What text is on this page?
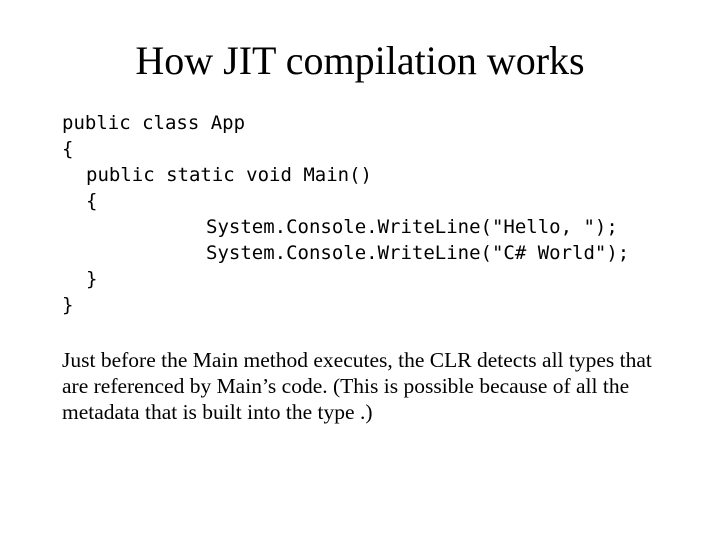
How JIT compilation works
public class App
{
public static void Main()
{
System.Console.WriteLine("Hello, ");
System.Console.WriteLine("C# World");
}
}

Just before the Main method executes, the CLR detects all types that are referenced by Main’s code. (This is possible because of all the metadata that is built into the type .)
